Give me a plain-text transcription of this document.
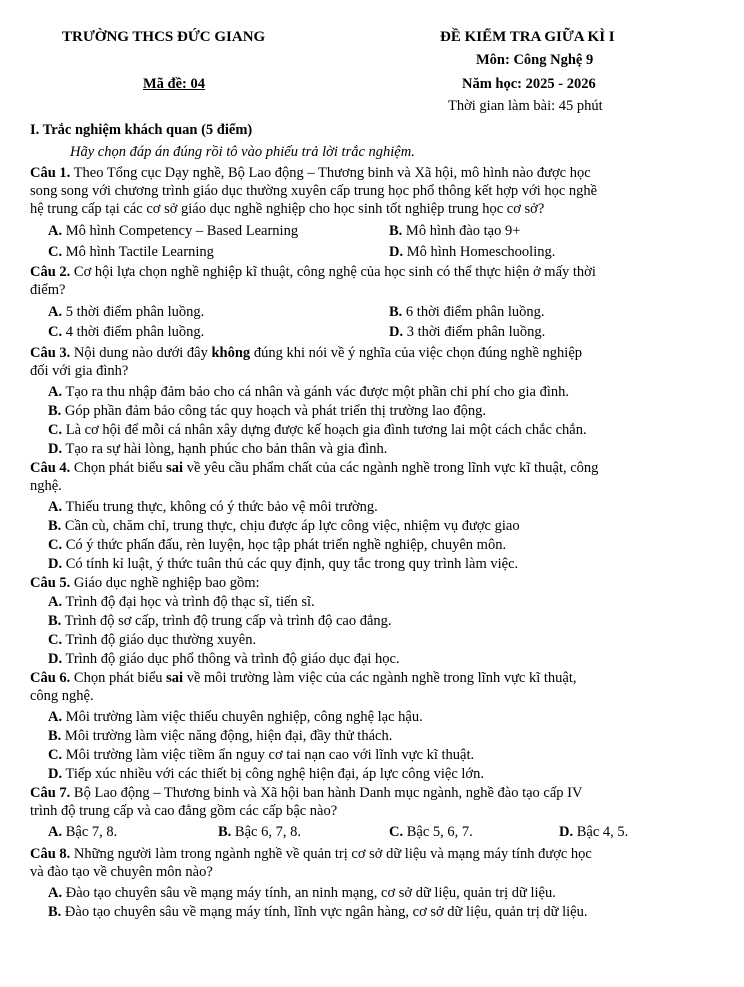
TRƯỜNG THCS ĐỨC GIANG	ĐỀ KIỂM TRA GIỮA KÌ I
Môn: Công Nghệ 9
Mã đề: 04	Năm học: 2025 - 2026
Thời gian làm bài: 45 phút
I. Trắc nghiệm khách quan (5 điểm)
Hãy chọn đáp án đúng rồi tô vào phiếu trả lời trắc nghiệm.
Câu 1. Theo Tổng cục Dạy nghề, Bộ Lao động – Thương binh và Xã hội, mô hình nào được học
song song với chương trình giáo dục thường xuyên cấp trung học phổ thông kết hợp với học nghề
hệ trung cấp tại các cơ sở giáo dục nghề nghiệp cho học sinh tốt nghiệp trung học cơ sở?
A. Mô hình Competency – Based Learning	B. Mô hình đào tạo 9+
C. Mô hình Tactile Learning	D. Mô hình Homeschooling.
Câu 2. Cơ hội lựa chọn nghề nghiệp kĩ thuật, công nghệ của học sinh có thể thực hiện ở mấy thời
điểm?
A. 5 thời điểm phân luồng.	B. 6 thời điểm phân luồng.
C. 4 thời điểm phân luồng.	D. 3 thời điểm phân luồng.
Câu 3. Nội dung nào dưới đây không đúng khi nói về ý nghĩa của việc chọn đúng nghề nghiệp
đối với gia đình?
A. Tạo ra thu nhập đảm bảo cho cá nhân và gánh vác được một phần chi phí cho gia đình.
B. Góp phần đảm bảo công tác quy hoạch và phát triển thị trường lao động.
C. Là cơ hội để mỗi cá nhân xây dựng được kế hoạch gia đình tương lai một cách chắc chắn.
D. Tạo ra sự hài lòng, hạnh phúc cho bản thân và gia đình.
Câu 4. Chọn phát biểu sai về yêu cầu phẩm chất của các ngành nghề trong lĩnh vực kĩ thuật, công
nghệ.
A. Thiếu trung thực, không có ý thức bảo vệ môi trường.
B. Cần cù, chăm chỉ, trung thực, chịu được áp lực công việc, nhiệm vụ được giao
C. Có ý thức phấn đấu, rèn luyện, học tập phát triển nghề nghiệp, chuyên môn.
D. Có tính kỉ luật, ý thức tuân thủ các quy định, quy tắc trong quy trình làm việc.
Câu 5. Giáo dục nghề nghiệp bao gồm:
A. Trình độ đại học và trình độ thạc sĩ, tiến sĩ.
B. Trình độ sơ cấp, trình độ trung cấp và trình độ cao đẳng.
C. Trình độ giáo dục thường xuyên.
D. Trình độ giáo dục phổ thông và trình độ giáo dục đại học.
Câu 6. Chọn phát biểu sai về môi trường làm việc của các ngành nghề trong lĩnh vực kĩ thuật,
công nghệ.
A. Môi trường làm việc thiếu chuyên nghiệp, công nghệ lạc hậu.
B. Môi trường làm việc năng động, hiện đại, đầy thử thách.
C. Môi trường làm việc tiềm ẩn nguy cơ tai nạn cao với lĩnh vực kĩ thuật.
D. Tiếp xúc nhiều với các thiết bị công nghệ hiện đại, áp lực công việc lớn.
Câu 7. Bộ Lao động – Thương binh và Xã hội ban hành Danh mục ngành, nghề đào tạo cấp IV
trình độ trung cấp và cao đẳng gồm các cấp bậc nào?
A. Bậc 7, 8.	B. Bậc 6, 7, 8.	C. Bậc 5, 6, 7.	D. Bậc 4, 5.
Câu 8. Những người làm trong ngành nghề về quản trị cơ sở dữ liệu và mạng máy tính được học
và đào tạo về chuyên môn nào?
A. Đào tạo chuyên sâu về mạng máy tính, an ninh mạng, cơ sở dữ liệu, quản trị dữ liệu.
B. Đào tạo chuyên sâu về mạng máy tính, lĩnh vực ngân hàng, cơ sở dữ liệu, quản trị dữ liệu.
